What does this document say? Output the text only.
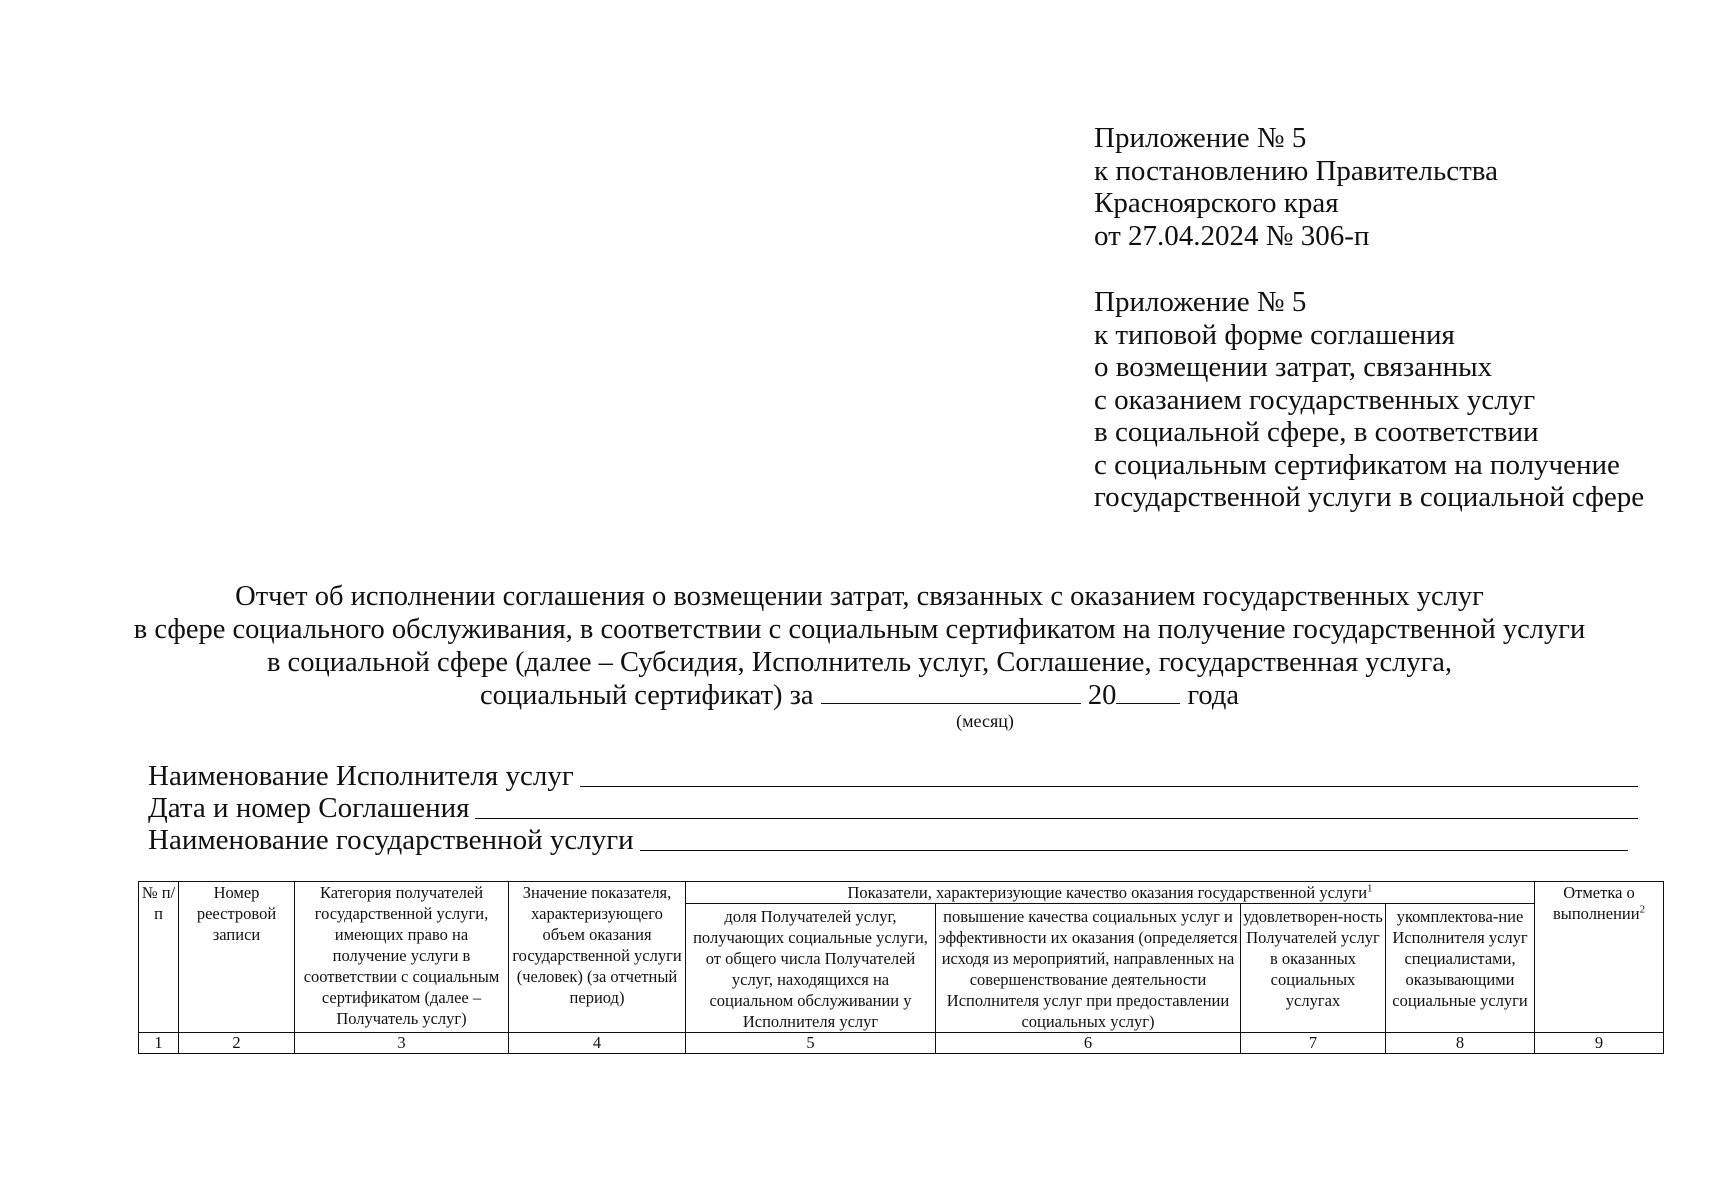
Приложение № 5
к постановлению Правительства
Красноярского края
от 27.04.2024 № 306-п
Приложение № 5
к типовой форме соглашения
о возмещении затрат, связанных
с оказанием государственных услуг
в социальной сфере, в соответствии
с социальным сертификатом на получение
государственной услуги в социальной сфере
Отчет об исполнении соглашения о возмещении затрат, связанных с оказанием государственных услуг
в сфере социального обслуживания, в соответствии с социальным сертификатом на получение государственной услуги
в социальной сфере (далее – Субсидия, Исполнитель услуг, Соглашение, государственная услуга,
социальный сертификат) за	20 года
(месяц)
Наименование Исполнителя услуг
Дата и номер Соглашения
Наименование государственной услуги
№ п/п	Номер реестровой записи	Категория получателей государственной услуги, имеющих право на получение услуги в соответствии с социальным сертификатом (далее – Получатель услуг)	Значение показателя, характеризующего объем оказания государственной услуги (человек) (за отчетный период)	Показатели, характеризующие качество оказания государственной услуги$^1$				Отметка о выполнении$^2$
				доля Получателей услуг, получающих социальные услуги, от общего числа Получателей услуг, находящихся на социальном обслуживании у Исполнителя услуг	повышение качества социальных услуг и эффективности их оказания (определяется исходя из мероприятий, направленных на совершенствование деятельности Исполнителя услуг при предоставлении социальных услуг)	удовлетворен-ность Получателей услуг в оказанных социальных услугах	укомплектова-ние Исполнителя услуг специалистами, оказывающими социальные услуги	
1	2	3	4	5	6	7	8	9
